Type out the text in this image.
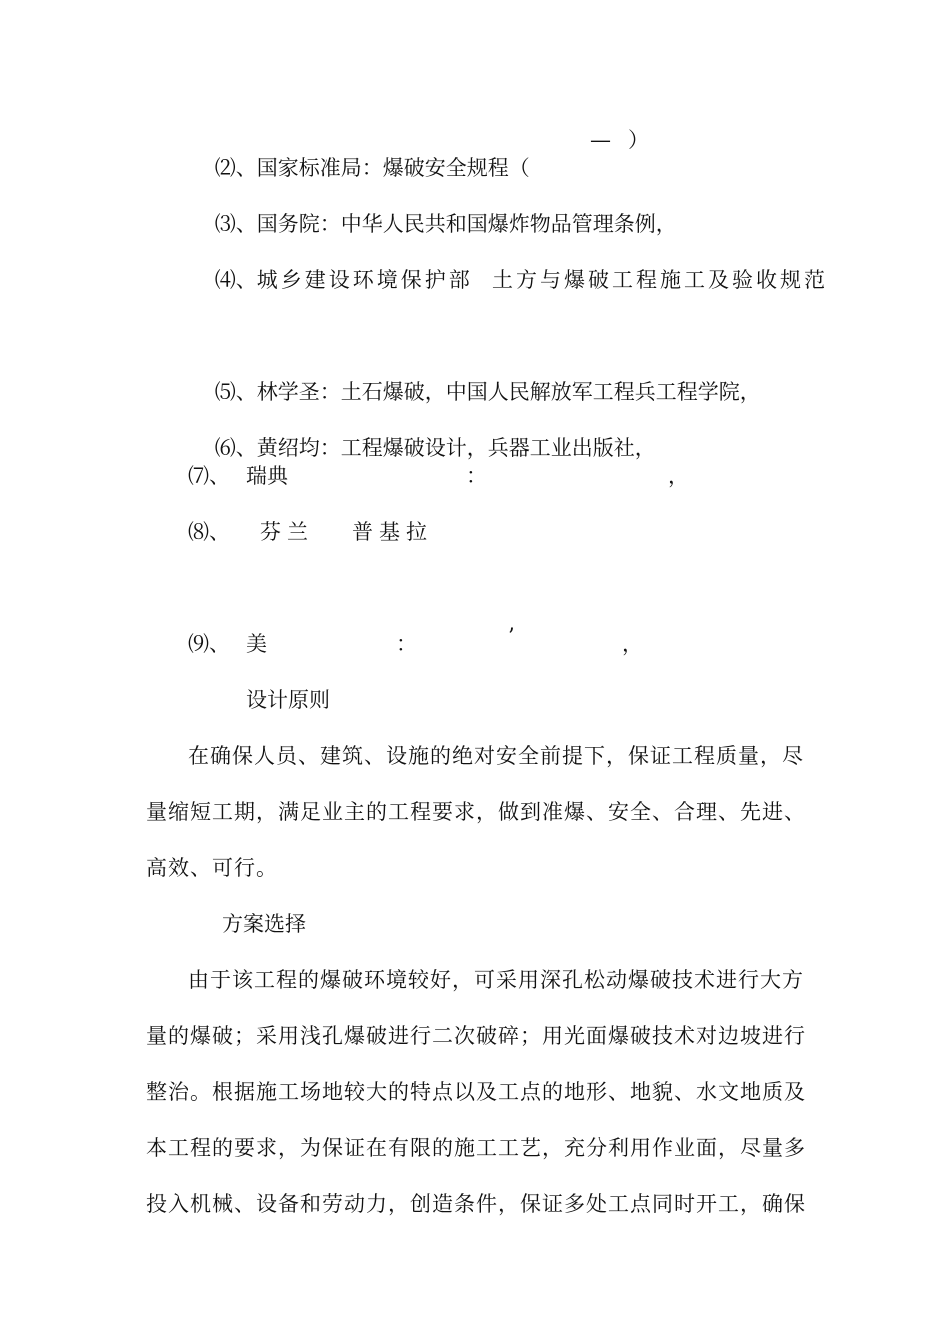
⑵、国家标准局：爆破安全规程（

— ）

⑶、国务院：中华人民共和国爆炸物品管理条例，

⑷、城乡建设环境保护部  土方与爆破工程施工及验收规范

⑸、林学圣：土石爆破，中国人民解放军工程兵工程学院，

⑹、黄绍均：工程爆破设计，兵器工业出版社，

⑺、 瑞典	：	，
⑻、 芬兰 普基拉
⑼、 美	：	’	，
设计原则
在确保人员、建筑、设施的绝对安全前提下，保证工程质量，尽量缩短工期，满足业主的工程要求，做到准爆、安全、合理、先进、高效、可行。
方案选择
由于该工程的爆破环境较好，可采用深孔松动爆破技术进行大方量的爆破；采用浅孔爆破进行二次破碎；用光面爆破技术对边坡进行整治。根据施工场地较大的特点以及工点的地形、地貌、水文地质及本工程的要求，为保证在有限的施工工艺，充分利用作业面，尽量多投入机械、设备和劳动力，创造条件，保证多处工点同时开工，确保
